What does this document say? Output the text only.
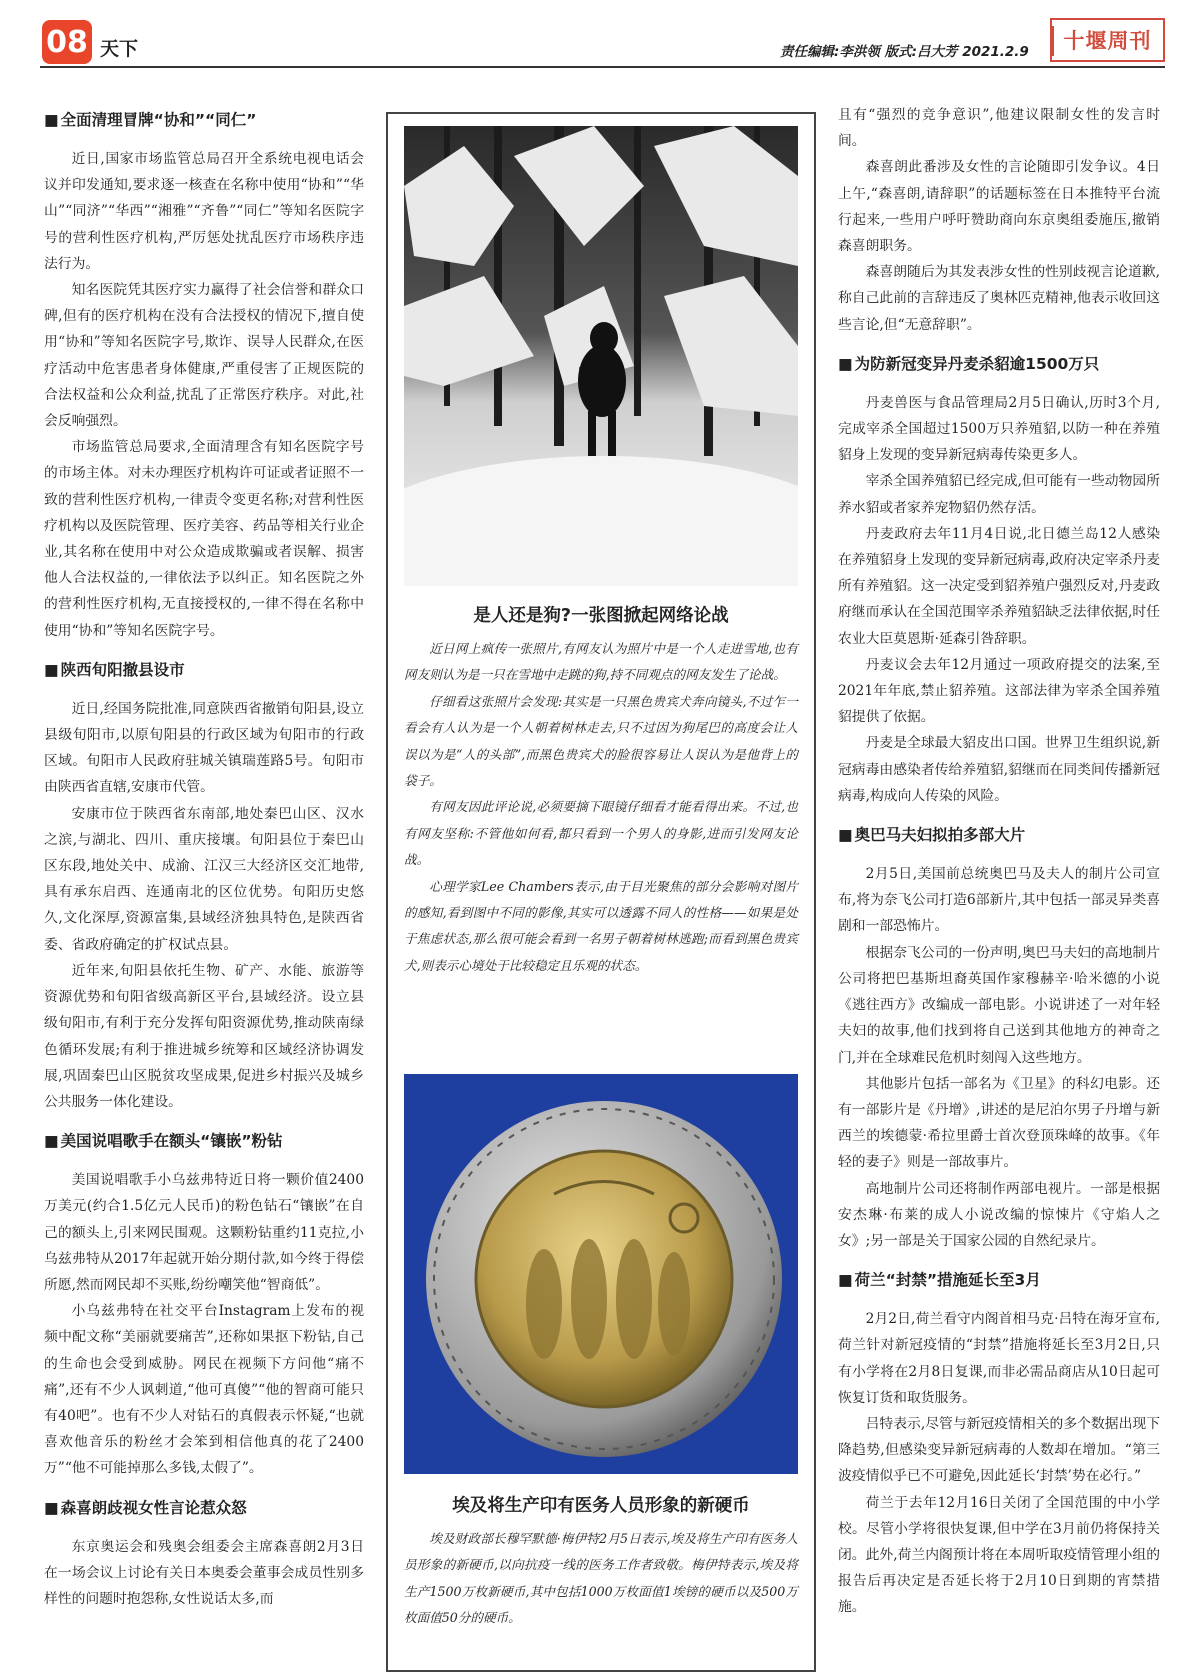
08 天下	责任编辑:李洪领 版式:吕大芳 2021.2.9	十堰周刊
■ 全面清理冒牌“协和”“同仁”

近日,国家市场监管总局召开全系统电视电话会议并印发通知,要求逐一核查在名称中使用“协和”“华山”“同济”“华西”“湘雅”“齐鲁”“同仁”等知名医院字号的营利性医疗机构,严厉惩处扰乱医疗市场秩序违法行为。

知名医院凭其医疗实力赢得了社会信誉和群众口碑,但有的医疗机构在没有合法授权的情况下,擅自使用“协和”等知名医院字号,欺诈、误导人民群众,在医疗活动中危害患者身体健康,严重侵害了正规医院的合法权益和公众利益,扰乱了正常医疗秩序。对此,社会反响强烈。

市场监管总局要求,全面清理含有知名医院字号的市场主体。对未办理医疗机构许可证或者证照不一致的营利性医疗机构,一律责令变更名称;对营利性医疗机构以及医院管理、医疗美容、药品等相关行业企业,其名称在使用中对公众造成欺骗或者误解、损害他人合法权益的,一律依法予以纠正。知名医院之外的营利性医疗机构,无直接授权的,一律不得在名称中使用“协和”等知名医院字号。

■ 陕西旬阳撤县设市

近日,经国务院批准,同意陕西省撤销旬阳县,设立县级旬阳市,以原旬阳县的行政区域为旬阳市的行政区域。旬阳市人民政府驻城关镇瑞莲路5号。旬阳市由陕西省直辖,安康市代管。

安康市位于陕西省东南部,地处秦巴山区、汉水之滨,与湖北、四川、重庆接壤。旬阳县位于秦巴山区东段,地处关中、成渝、江汉三大经济区交汇地带,具有承东启西、连通南北的区位优势。旬阳历史悠久,文化深厚,资源富集,县域经济独具特色,是陕西省委、省政府确定的扩权试点县。

近年来,旬阳县依托生物、矿产、水能、旅游等资源优势和旬阳省级高新区平台,县域经济。设立县级旬阳市,有利于充分发挥旬阳资源优势,推动陕南绿色循环发展;有利于推进城乡统筹和区域经济协调发展,巩固秦巴山区脱贫攻坚成果,促进乡村振兴及城乡公共服务一体化建设。

■ 美国说唱歌手在额头“镶嵌”粉钻

美国说唱歌手小乌兹弗特近日将一颗价值2400万美元(约合1.5亿元人民币)的粉色钻石“镶嵌”在自己的额头上,引来网民围观。这颗粉钻重约11克拉,小乌兹弗特从2017年起就开始分期付款,如今终于得偿所愿,然而网民却不买账,纷纷嘲笑他“智商低”。

小乌兹弗特在社交平台Instagram上发布的视频中配文称“美丽就要痛苦”,还称如果抠下粉钻,自己的生命也会受到威胁。网民在视频下方问他“痛不痛”,还有不少人讽刺道,“他可真傻”“他的智商可能只有40吧”。也有不少人对钻石的真假表示怀疑,“也就喜欢他音乐的粉丝才会笨到相信他真的花了2400万”“他不可能掉那么多钱,太假了”。

■ 森喜朗歧视女性言论惹众怒

东京奥运会和残奥会组委会主席森喜朗2月3日在一场会议上讨论有关日本奥委会董事会成员性别多样性的问题时抱怨称,女性说话太多,而

是人还是狗?一张图掀起网络论战

近日网上疯传一张照片,有网友认为照片中是一个人走进雪地,也有网友则认为是一只在雪地中走跳的狗,持不同观点的网友发生了论战。

仔细看这张照片会发现:其实是一只黑色贵宾犬奔向镜头,不过乍一看会有人认为是一个人朝着树林走去,只不过因为狗尾巴的高度会让人误以为是“人的头部”,而黑色贵宾犬的脸很容易让人误认为是他背上的袋子。

有网友因此评论说,必须要摘下眼镜仔细看才能看得出来。不过,也有网友坚称:不管他如何看,都只看到一个男人的身影,进而引发网友论战。

心理学家Lee Chambers表示,由于目光聚焦的部分会影响对图片的感知,看到图中不同的影像,其实可以透露不同人的性格——如果是处于焦虑状态,那么很可能会看到一名男子朝着树林逃跑;而看到黑色贵宾犬,则表示心境处于比较稳定且乐观的状态。

埃及将生产印有医务人员形象的新硬币

埃及财政部长穆罕默德·梅伊特2月5日表示,埃及将生产印有医务人员形象的新硬币,以向抗疫一线的医务工作者致敬。梅伊特表示,埃及将生产1500万枚新硬币,其中包括1000万枚面值1埃镑的硬币以及500万枚面值50分的硬币。

且有“强烈的竞争意识”,他建议限制女性的发言时间。

森喜朗此番涉及女性的言论随即引发争议。4日上午,“森喜朗,请辞职”的话题标签在日本推特平台流行起来,一些用户呼吁赞助商向东京奥组委施压,撤销森喜朗职务。

森喜朗随后为其发表涉女性的性别歧视言论道歉,称自己此前的言辞违反了奥林匹克精神,他表示收回这些言论,但“无意辞职”。

■ 为防新冠变异丹麦杀貂逾1500万只

丹麦兽医与食品管理局2月5日确认,历时3个月,完成宰杀全国超过1500万只养殖貂,以防一种在养殖貂身上发现的变异新冠病毒传染更多人。

宰杀全国养殖貂已经完成,但可能有一些动物园所养水貂或者家养宠物貂仍然存活。

丹麦政府去年11月4日说,北日德兰岛12人感染在养殖貂身上发现的变异新冠病毒,政府决定宰杀丹麦所有养殖貂。这一决定受到貂养殖户强烈反对,丹麦政府继而承认在全国范围宰杀养殖貂缺乏法律依据,时任农业大臣莫恩斯·延森引咎辞职。

丹麦议会去年12月通过一项政府提交的法案,至2021年年底,禁止貂养殖。这部法律为宰杀全国养殖貂提供了依据。

丹麦是全球最大貂皮出口国。世界卫生组织说,新冠病毒由感染者传给养殖貂,貂继而在同类间传播新冠病毒,构成向人传染的风险。

■ 奥巴马夫妇拟拍多部大片

2月5日,美国前总统奥巴马及夫人的制片公司宣布,将为奈飞公司打造6部新片,其中包括一部灵异类喜剧和一部恐怖片。

根据奈飞公司的一份声明,奥巴马夫妇的高地制片公司将把巴基斯坦裔英国作家穆赫辛·哈米德的小说《逃往西方》改编成一部电影。小说讲述了一对年轻夫妇的故事,他们找到将自己送到其他地方的神奇之门,并在全球难民危机时刻闯入这些地方。

其他影片包括一部名为《卫星》的科幻电影。还有一部影片是《丹增》,讲述的是尼泊尔男子丹增与新西兰的埃德蒙·希拉里爵士首次登顶珠峰的故事。《年轻的妻子》则是一部故事片。

高地制片公司还将制作两部电视片。一部是根据安杰琳·布莱的成人小说改编的惊悚片《守焰人之女》;另一部是关于国家公园的自然纪录片。

■ 荷兰“封禁”措施延长至3月

2月2日,荷兰看守内阁首相马克·吕特在海牙宣布,荷兰针对新冠疫情的“封禁”措施将延长至3月2日,只有小学将在2月8日复课,而非必需品商店从10日起可恢复订货和取货服务。

吕特表示,尽管与新冠疫情相关的多个数据出现下降趋势,但感染变异新冠病毒的人数却在增加。“第三波疫情似乎已不可避免,因此延长‘封禁’势在必行。”

荷兰于去年12月16日关闭了全国范围的中小学校。尽管小学将很快复课,但中学在3月前仍将保持关闭。此外,荷兰内阁预计将在本周听取疫情管理小组的报告后再决定是否延长将于2月10日到期的宵禁措施。
